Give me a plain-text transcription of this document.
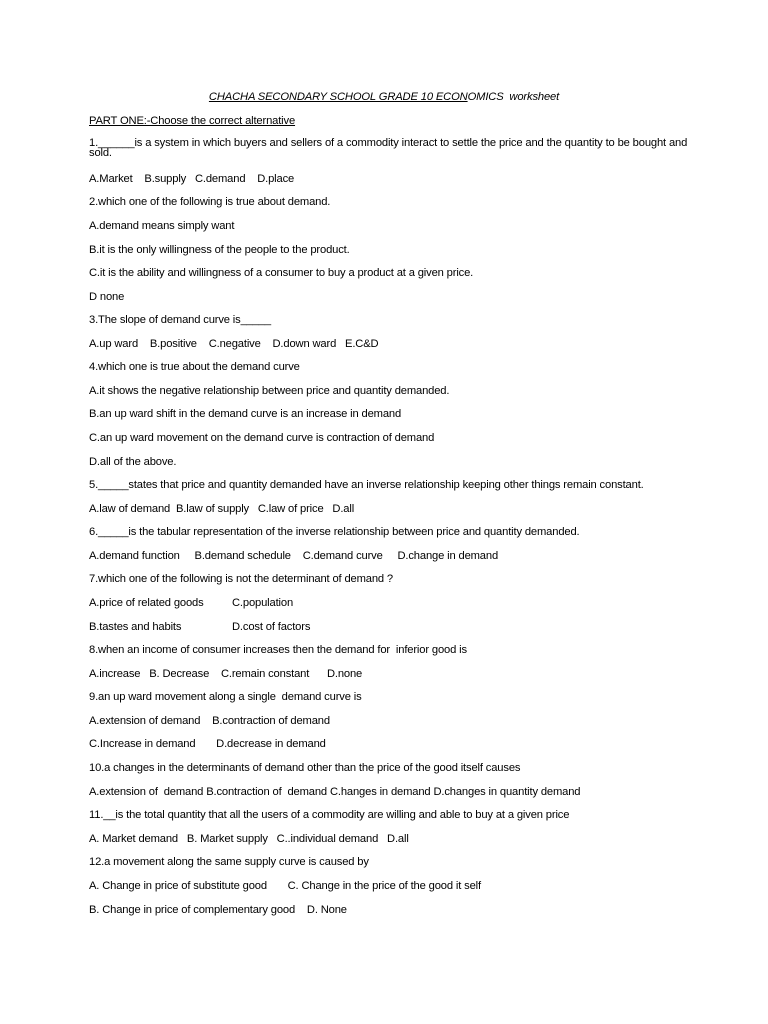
CHACHA SECONDARY SCHOOL GRADE 10 ECONOMICS  worksheet
PART ONE:-Choose the correct alternative
1.______is a system in which buyers and sellers of a commodity interact to settle the price and the quantity to be bought and sold.
A.Market    B.supply   C.demand    D.place
2.which one of the following is true about demand.
A.demand means simply want
B.it is the only willingness of the people to the product.
C.it is the ability and willingness of a consumer to buy a product at a given price.
D none
3.The slope of demand curve is_____
A.up ward    B.positive    C.negative    D.down ward   E.C&D
4.which one is true about the demand curve
A.it shows the negative relationship between price and quantity demanded.
B.an up ward shift in the demand curve is an increase in demand
C.an up ward movement on the demand curve is contraction of demand
D.all of the above.
5._____states that price and quantity demanded have an inverse relationship keeping other things remain constant.
A.law of demand  B.law of supply   C.law of price   D.all
6._____is the tabular representation of the inverse relationship between price and quantity demanded.
A.demand function     B.demand schedule    C.demand curve     D.change in demand
7.which one of the following is not the determinant of demand ?
A.price of related goods	C.population
B.tastes and habits	D.cost of factors
8.when an income of consumer increases then the demand for  inferior good is
A.increase   B. Decrease    C.remain constant      D.none
9.an up ward movement along a single  demand curve is
A.extension of demand    B.contraction of demand
C.Increase in demand       D.decrease in demand
10.a changes in the determinants of demand other than the price of the good itself causes
A.extension of  demand B.contraction of  demand C.hanges in demand D.changes in quantity demand
11.__is the total quantity that all the users of a commodity are willing and able to buy at a given price
A. Market demand   B. Market supply   C..individual demand   D.all
12.a movement along the same supply curve is caused by
A. Change in price of substitute good       C. Change in the price of the good it self
B. Change in price of complementary good    D. None
